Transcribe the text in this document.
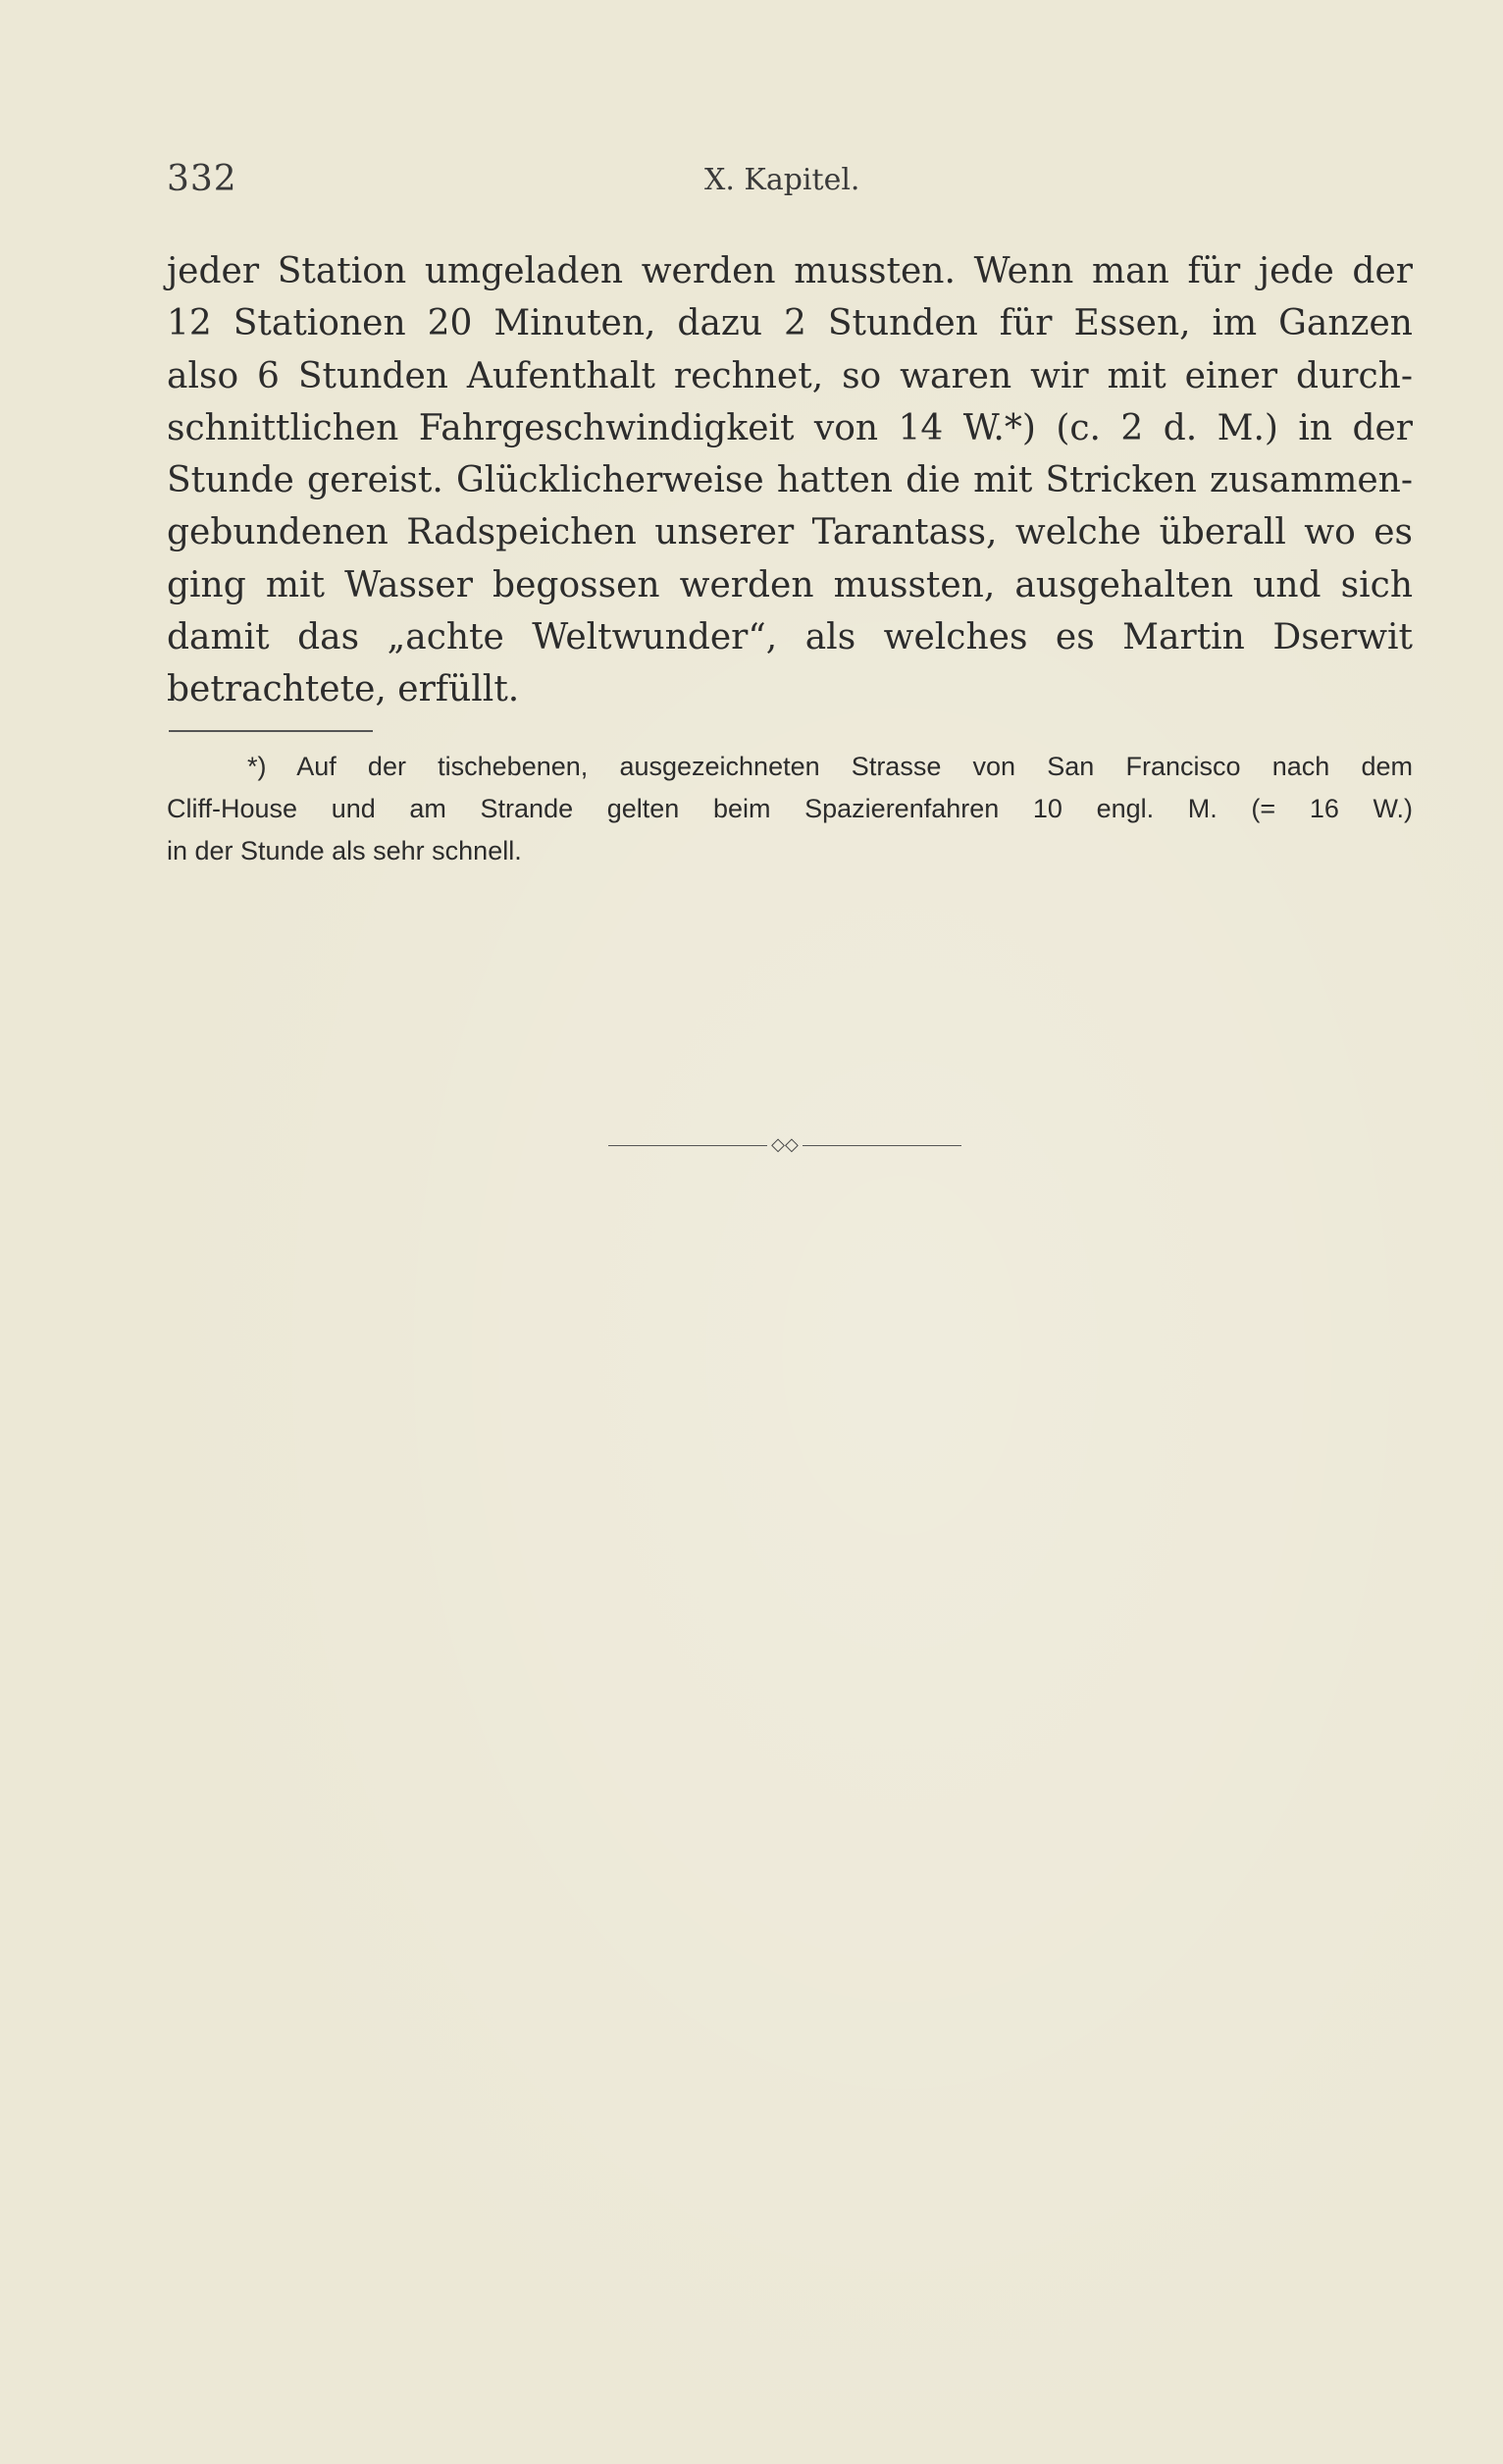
332	X. Kapitel.
jeder Station umgeladen werden mussten. Wenn man für jede der
12 Stationen 20 Minuten, dazu 2 Stunden für Essen, im Ganzen
also 6 Stunden Aufenthalt rechnet, so waren wir mit einer durch-
schnittlichen Fahrgeschwindigkeit von 14 W.*) (c. 2 d. M.) in der
Stunde gereist. Glücklicherweise hatten die mit Stricken zusammen-
gebundenen Radspeichen unserer Tarantass, welche überall wo es
ging mit Wasser begossen werden mussten, ausgehalten und sich
damit das „achte Weltwunder“, als welches es Martin Dserwit
betrachtete, erfüllt.
*) Auf der tischebenen, ausgezeichneten Strasse von San Francisco nach dem
Cliff-House und am Strande gelten beim Spazierenfahren 10 engl. M. (= 16 W.)
in der Stunde als sehr schnell.
◇◇
